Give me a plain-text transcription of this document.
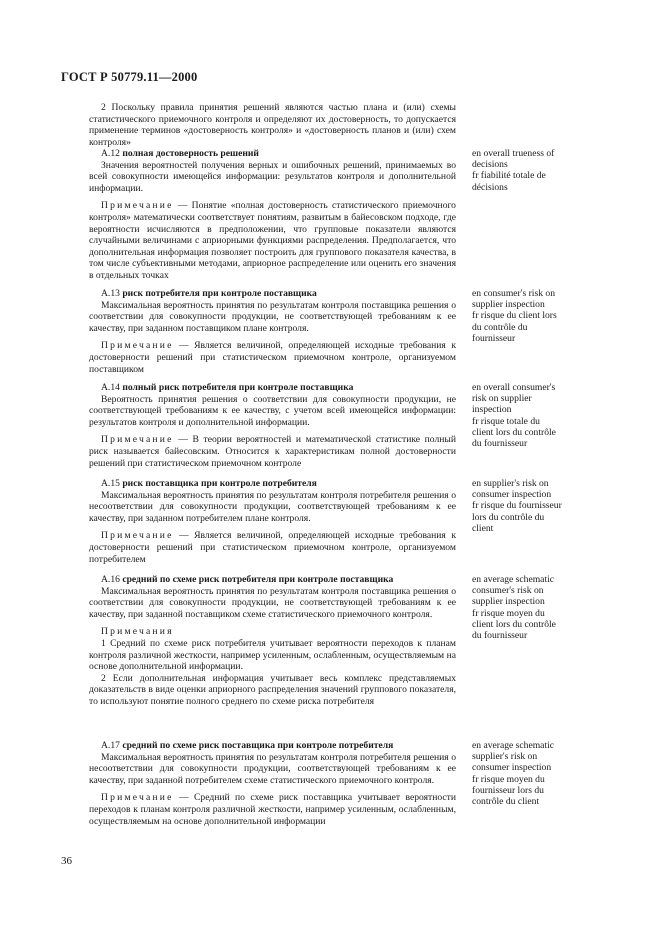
ГОСТ Р 50779.11—2000

2 Поскольку правила принятия решений являются частью плана и (или) схемы статистического приемочного контроля и определяют их достоверность, то допускается применение терминов «достоверность контроля» и «достоверность планов и (или) схем контроля»

A.12 полная достоверность решений

Значения вероятностей получения верных и ошибочных решений, принимаемых во всей совокупности имеющейся информации: результатов контроля и дополнительной информации.

Примечание — Понятие «полная достоверность статистического приемочного контроля» математически соответствует понятиям, развитым в байесовском подходе, где вероятности исчисляются в предположении, что групповые показатели являются случайными величинами с априорными функциями распределения. Предполагается, что дополнительная информация позволяет построить для группового показателя качества, в том числе субъективными методами, априорное распределение или оценить его значения в отдельных точках

en overall trueness of
decisions
fr fiabilité totale de
décisions

A.13 риск потребителя при контроле поставщика

Максимальная вероятность принятия по результатам контроля поставщика решения о соответствии для совокупности продукции, не соответствующей требованиям к ее качеству, при заданном поставщиком плане контроля.

Примечание — Является величиной, определяющей исходные требования к достоверности решений при статистическом приемочном контроле, организуемом поставщиком

en consumer's risk on
supplier inspection
fr risque du client lors
du contrôle du
fournisseur

A.14 полный риск потребителя при контроле поставщика

Вероятность принятия решения о соответствии для совокупности продукции, не соответствующей требованиям к ее качеству, с учетом всей имеющейся информации: результатов контроля и дополнительной информации.

Примечание — В теории вероятностей и математической статистике полный риск называется байесовским. Относится к характеристикам полной достоверности решений при статистическом приемочном контроле

en overall consumer's
risk on supplier
inspection
fr risque totale du
client lors du contrôle
du fournisseur

A.15 риск поставщика при контроле потребителя

Максимальная вероятность принятия по результатам контроля потребителя решения о несоответствии для совокупности продукции, соответствующей требованиям к ее качеству, при заданном потребителем плане контроля.

Примечание — Является величиной, определяющей исходные требования к достоверности решений при статистическом приемочном контроле, организуемом потребителем

en supplier's risk on
consumer inspection
fr risque du fournisseur
lors du contrôle du
client

A.16 средний по схеме риск потребителя при контроле поставщика

Максимальная вероятность принятия по результатам контроля поставщика решения о соответствии для совокупности продукции, не соответствующей требованиям к ее качеству, при заданной поставщиком схеме статистического приемочного контроля.

Примечания

1 Средний по схеме риск потребителя учитывает вероятности переходов к планам контроля различной жесткости, например усиленным, ослабленным, осуществляемым на основе дополнительной информации.

2 Если дополнительная информация учитывает весь комплекс представляемых доказательств в виде оценки априорного распределения значений группового показателя, то используют понятие полного среднего по схеме риска потребителя

en average schematic
consumer's risk on
supplier inspection
fr risque moyen du
client lors du contrôle
du fournisseur

A.17 средний по схеме риск поставщика при контроле потребителя

Максимальная вероятность принятия по результатам контроля потребителя решения о несоответствии для совокупности продукции, соответствующей требованиям к ее качеству, при заданной потребителем схеме статистического приемочного контроля.

Примечание — Средний по схеме риск поставщика учитывает вероятности переходов к планам контроля различной жесткости, например усиленным, ослабленным, осуществляемым на основе дополнительной информации

en average schematic
supplier's risk on
consumer inspection
fr risque moyen du
fournisseur lors du
contrôle du client
36
